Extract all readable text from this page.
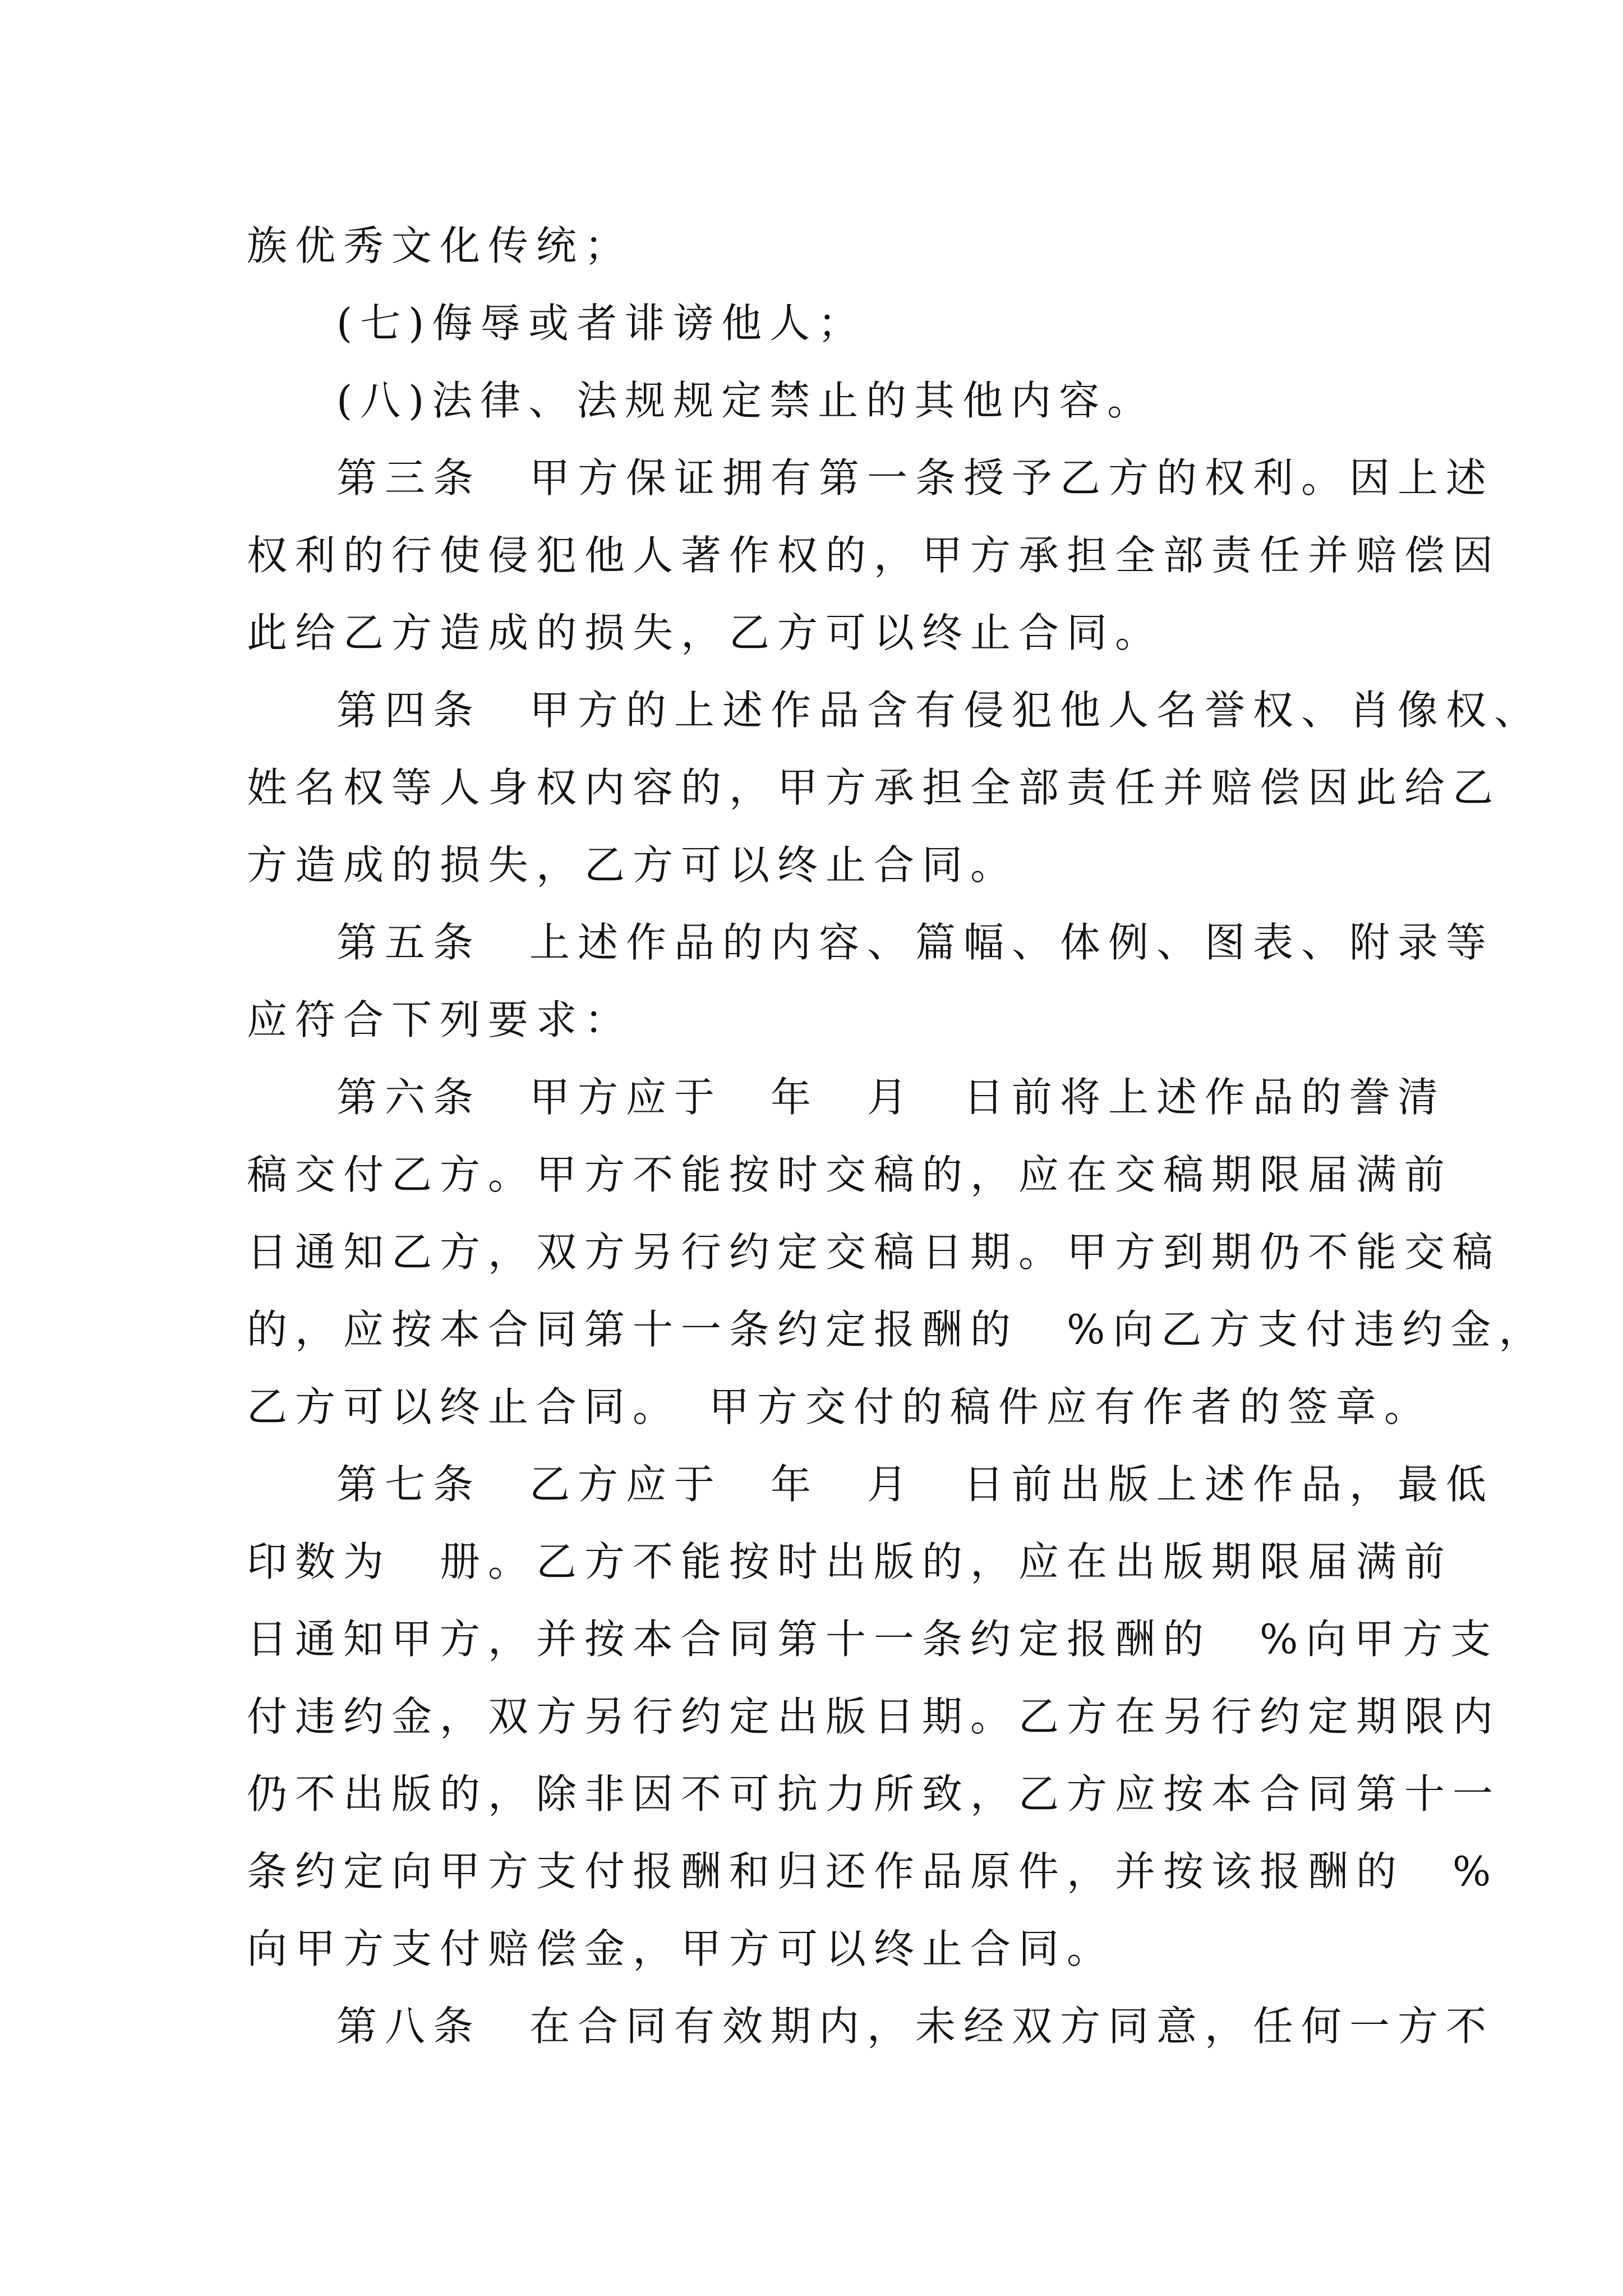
族优秀文化传统；
(七)侮辱或者诽谤他人；
(八)法律、法规规定禁止的其他内容。
第三条　甲方保证拥有第一条授予乙方的权利。因上述
权利的行使侵犯他人著作权的，甲方承担全部责任并赔偿因
此给乙方造成的损失，乙方可以终止合同。
第四条　甲方的上述作品含有侵犯他人名誉权、肖像权、
姓名权等人身权内容的，甲方承担全部责任并赔偿因此给乙
方造成的损失，乙方可以终止合同。
第五条　上述作品的内容、篇幅、体例、图表、附录等
应符合下列要求：
第六条　甲方应于　年　月　日前将上述作品的誊清
稿交付乙方。甲方不能按时交稿的，应在交稿期限届满前
日通知乙方，双方另行约定交稿日期。甲方到期仍不能交稿
的，应按本合同第十一条约定报酬的　%向乙方支付违约金，
乙方可以终止合同。　甲方交付的稿件应有作者的签章。
第七条　乙方应于　年　月　日前出版上述作品，最低
印数为　册。乙方不能按时出版的，应在出版期限届满前
日通知甲方，并按本合同第十一条约定报酬的　%向甲方支
付违约金，双方另行约定出版日期。乙方在另行约定期限内
仍不出版的，除非因不可抗力所致，乙方应按本合同第十一
条约定向甲方支付报酬和归还作品原件，并按该报酬的　%
向甲方支付赔偿金，甲方可以终止合同。
第八条　在合同有效期内，未经双方同意，任何一方不
